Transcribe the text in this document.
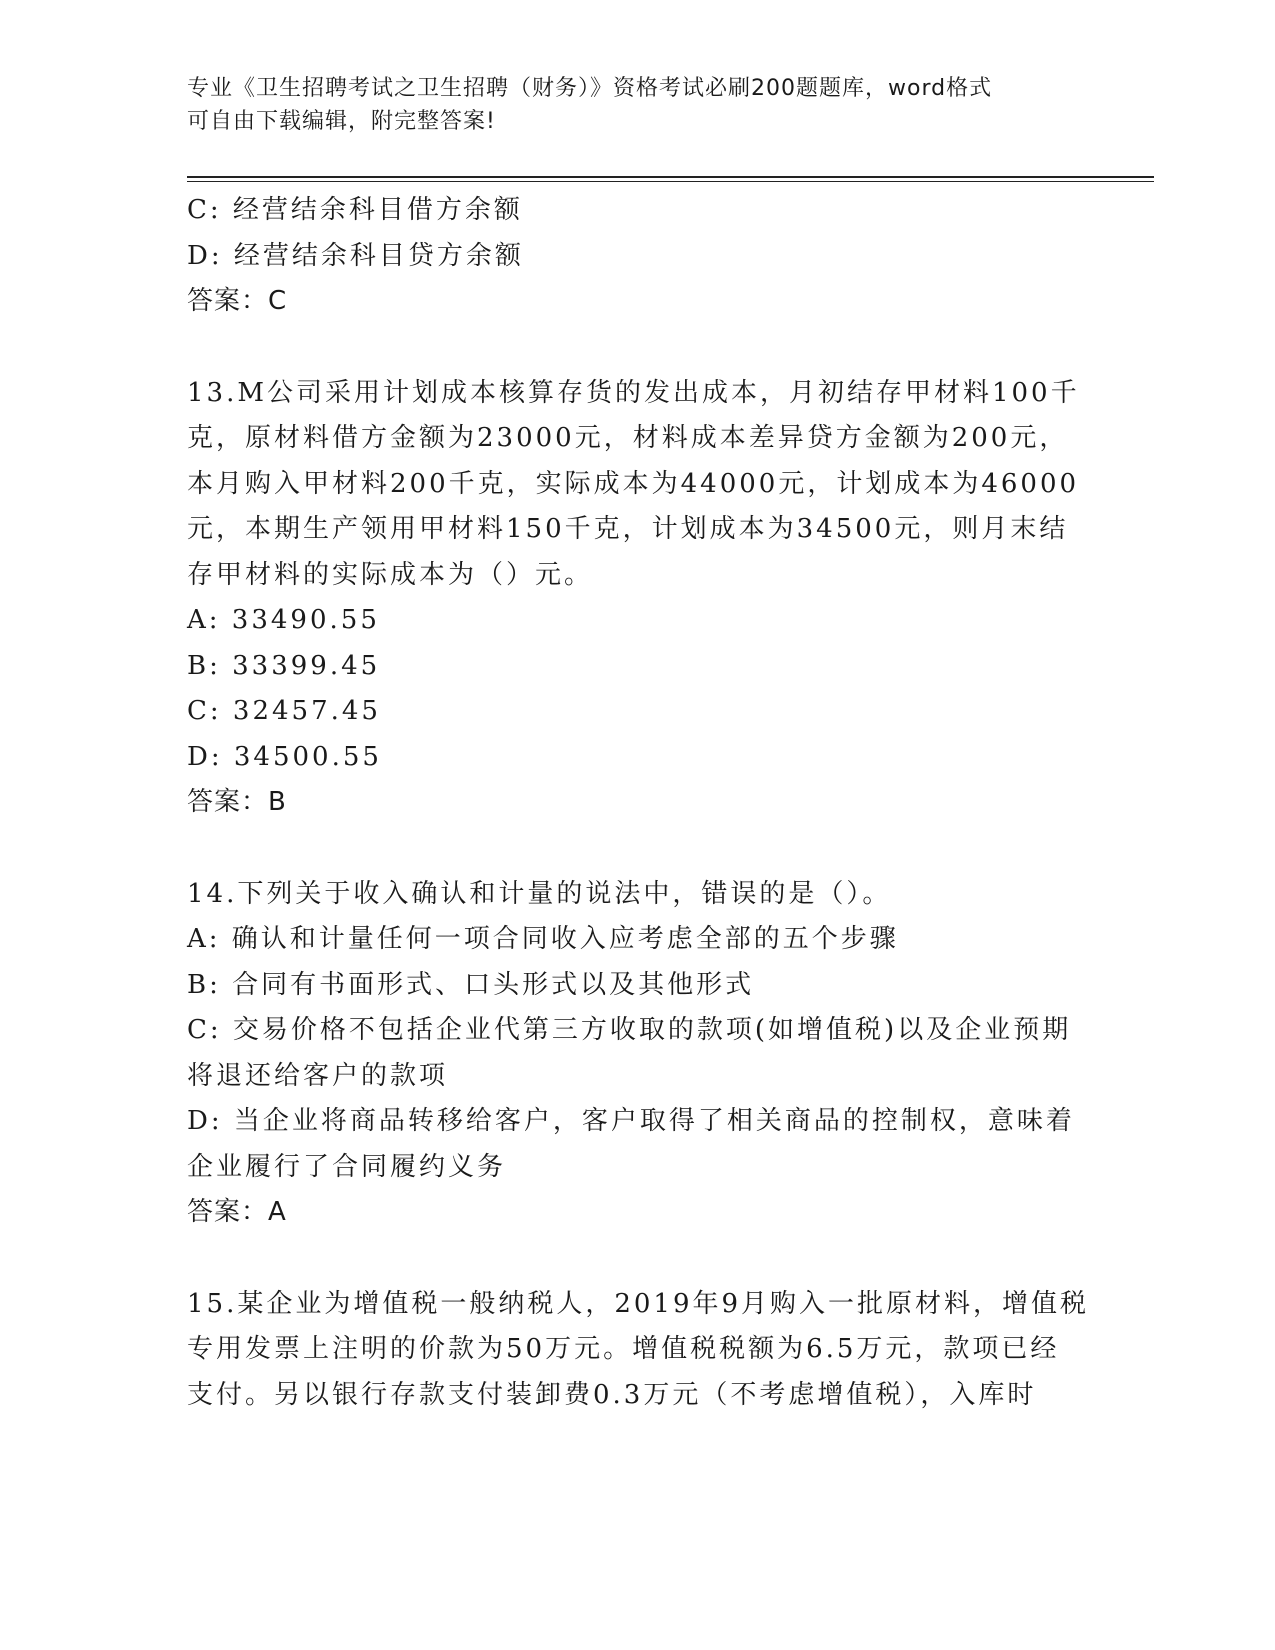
专业《卫生招聘考试之卫生招聘（财务）》资格考试必刷200题题库，word格式
可自由下载编辑，附完整答案!
C: 经营结余科目借方余额
D: 经营结余科目贷方余额
答案：C
13.M公司采用计划成本核算存货的发出成本，月初结存甲材料100千
克，原材料借方金额为23000元，材料成本差异贷方金额为200元，
本月购入甲材料200千克，实际成本为44000元，计划成本为46000
元，本期生产领用甲材料150千克，计划成本为34500元，则月末结
存甲材料的实际成本为（）元。
A: 33490.55
B: 33399.45
C: 32457.45
D: 34500.55
答案：B
14.下列关于收入确认和计量的说法中，错误的是（）。
A: 确认和计量任何一项合同收入应考虑全部的五个步骤
B: 合同有书面形式、口头形式以及其他形式
C: 交易价格不包括企业代第三方收取的款项(如增值税)以及企业预期
将退还给客户的款项
D: 当企业将商品转移给客户，客户取得了相关商品的控制权，意味着
企业履行了合同履约义务
答案：A
15.某企业为增值税一般纳税人，2019年9月购入一批原材料，增值税
专用发票上注明的价款为50万元。增值税税额为6.5万元，款项已经
支付。另以银行存款支付装卸费0.3万元（不考虑增值税），入库时
